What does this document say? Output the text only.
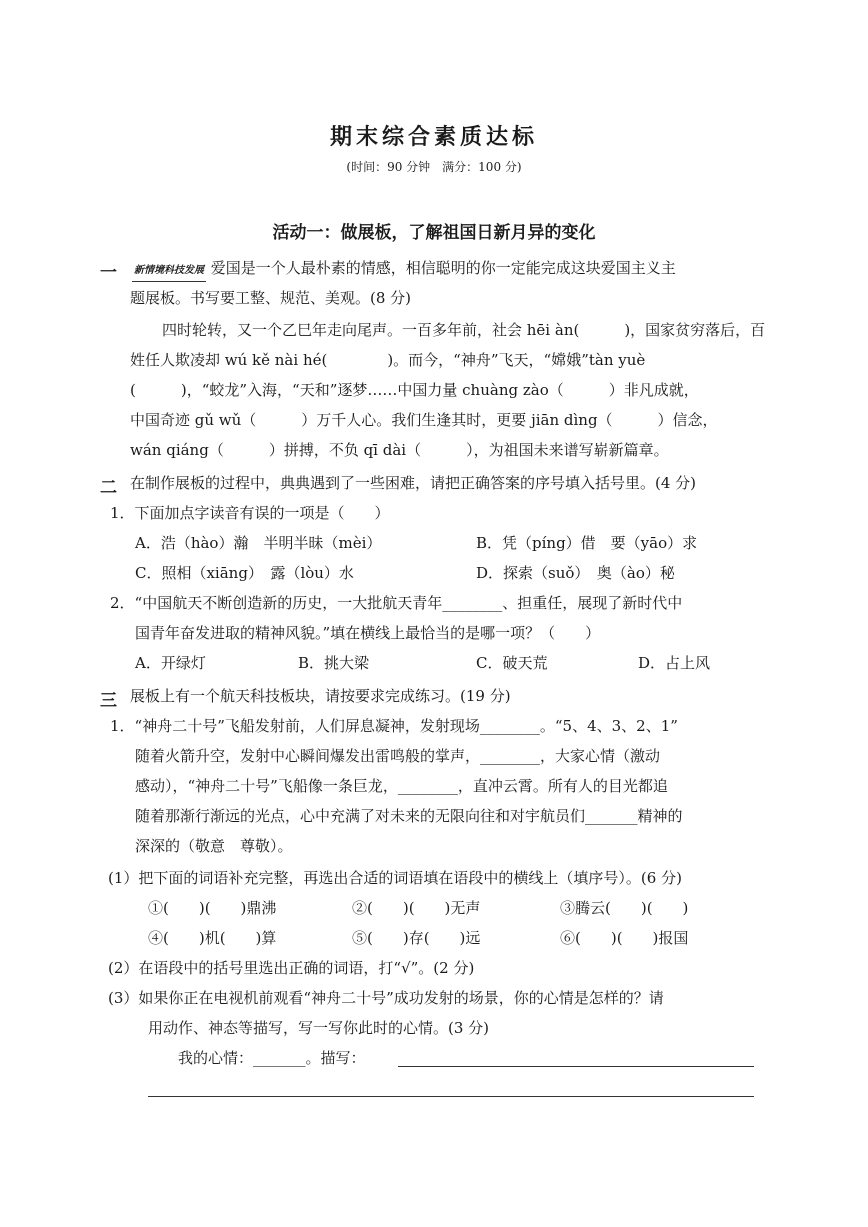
期末综合素质达标
(时间：90 分钟　满分：100 分)
活动一：做展板，了解祖国日新月异的变化
一 新情境科技发展 爱国是一个人最朴素的情感，相信聪明的你一定能完成这块爱国主义主
题展板。书写要工整、规范、美观。(8 分)
四时轮转，又一个乙巳年走向尾声。一百多年前，社会 hēi àn(　　　)，国家贫穷落后，百
姓任人欺凌却 wú kě nài hé(　　　　)。而今，“神舟”飞天，“嫦娥”tàn yuè
(　　　)，“蛟龙”入海，“天和”逐梦……中国力量 chuàng zào（　　　）非凡成就，
中国奇迹 gǔ wǔ（　　　）万千人心。我们生逢其时，更要 jiān dìng（　　　）信念，
wán qiáng（　　　）拼搏，不负 qī dài（　　　），为祖国未来谱写崭新篇章。
二 在制作展板的过程中，典典遇到了一些困难，请把正确答案的序号填入括号里。(4 分)
1．下面加点字读音有误的一项是（　　）
A．浩（hào）瀚　半明半昧（mèi）	B．凭（píng）借　要（yāo）求
C．照相（xiāng）　露（lòu）水	D．探索（suǒ）　奥（ào）秘
2．“中国航天不断创造新的历史，一大批航天青年________、担重任，展现了新时代中
国青年奋发进取的精神风貌。”填在横线上最恰当的是哪一项？（　　）
A．开绿灯	B．挑大梁	C．破天荒	D．占上风
三 展板上有一个航天科技板块，请按要求完成练习。(19 分)
1．“神舟二十号”飞船发射前，人们屏息凝神，发射现场________。“5、4、3、2、1”
随着火箭升空，发射中心瞬间爆发出雷鸣般的掌声，________，大家心情（激动
感动），“神舟二十号”飞船像一条巨龙，________，直冲云霄。所有人的目光都追
随着那渐行渐远的光点，心中充满了对未来的无限向往和对宇航员们_______精神的
深深的（敬意　尊敬）。
(1）把下面的词语补充完整，再选出合适的词语填在语段中的横线上（填序号）。(6 分)
①(　　)(　　)鼎沸	②(　　)(　　)无声	③腾云(　　)(　　)
④(　　)机(　　)算	⑤(　　)存(　　)远	⑥(　　)(　　)报国
(2）在语段中的括号里选出正确的词语，打“√”。(2 分)
(3）如果你正在电视机前观看“神舟二十号”成功发射的场景，你的心情是怎样的？请
用动作、神态等描写，写一写你此时的心情。(3 分)
我的心情：_______。描写：
